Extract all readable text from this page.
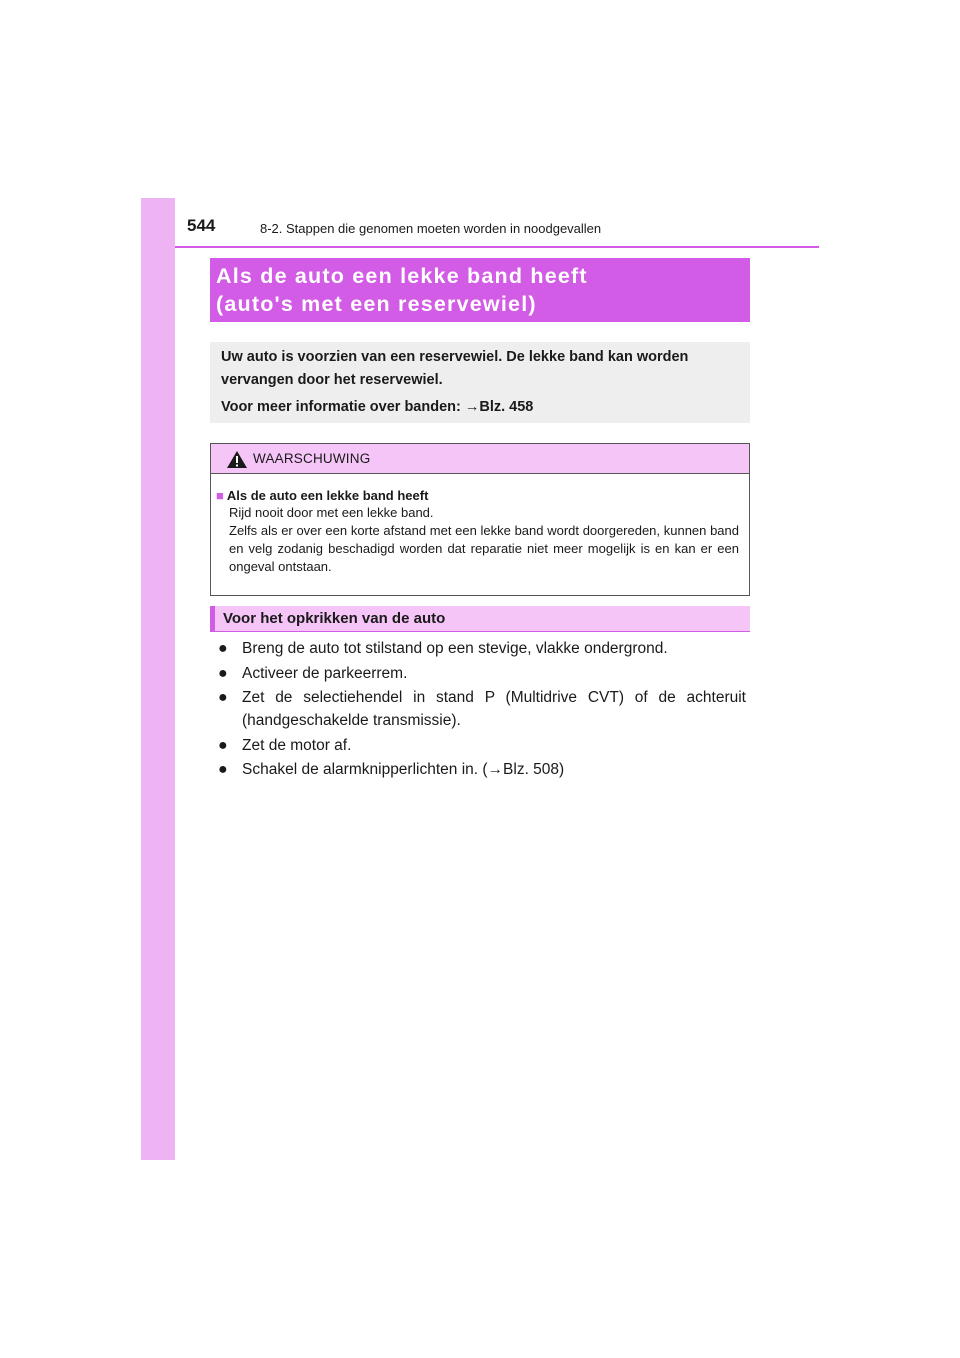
544	8-2. Stappen die genomen moeten worden in noodgevallen
Als de auto een lekke band heeft
(auto's met een reservewiel)
Uw auto is voorzien van een reservewiel. De lekke band kan worden
vervangen door het reservewiel.
Voor meer informatie over banden: →Blz. 458
WAARSCHUWING
■ Als de auto een lekke band heeft

Rijd nooit door met een lekke band.

Zelfs als er over een korte afstand met een lekke band wordt doorgereden, kunnen band en velg zodanig beschadigd worden dat reparatie niet meer mogelijk is en kan er een ongeval ontstaan.

Voor het opkrikken van de auto
● Breng de auto tot stilstand op een stevige, vlakke ondergrond.
● Activeer de parkeerrem.
● Zet de selectiehendel in stand P (Multidrive CVT) of de achteruit (handgeschakelde transmissie).
● Zet de motor af.
● Schakel de alarmknipperlichten in. (→Blz. 508)
